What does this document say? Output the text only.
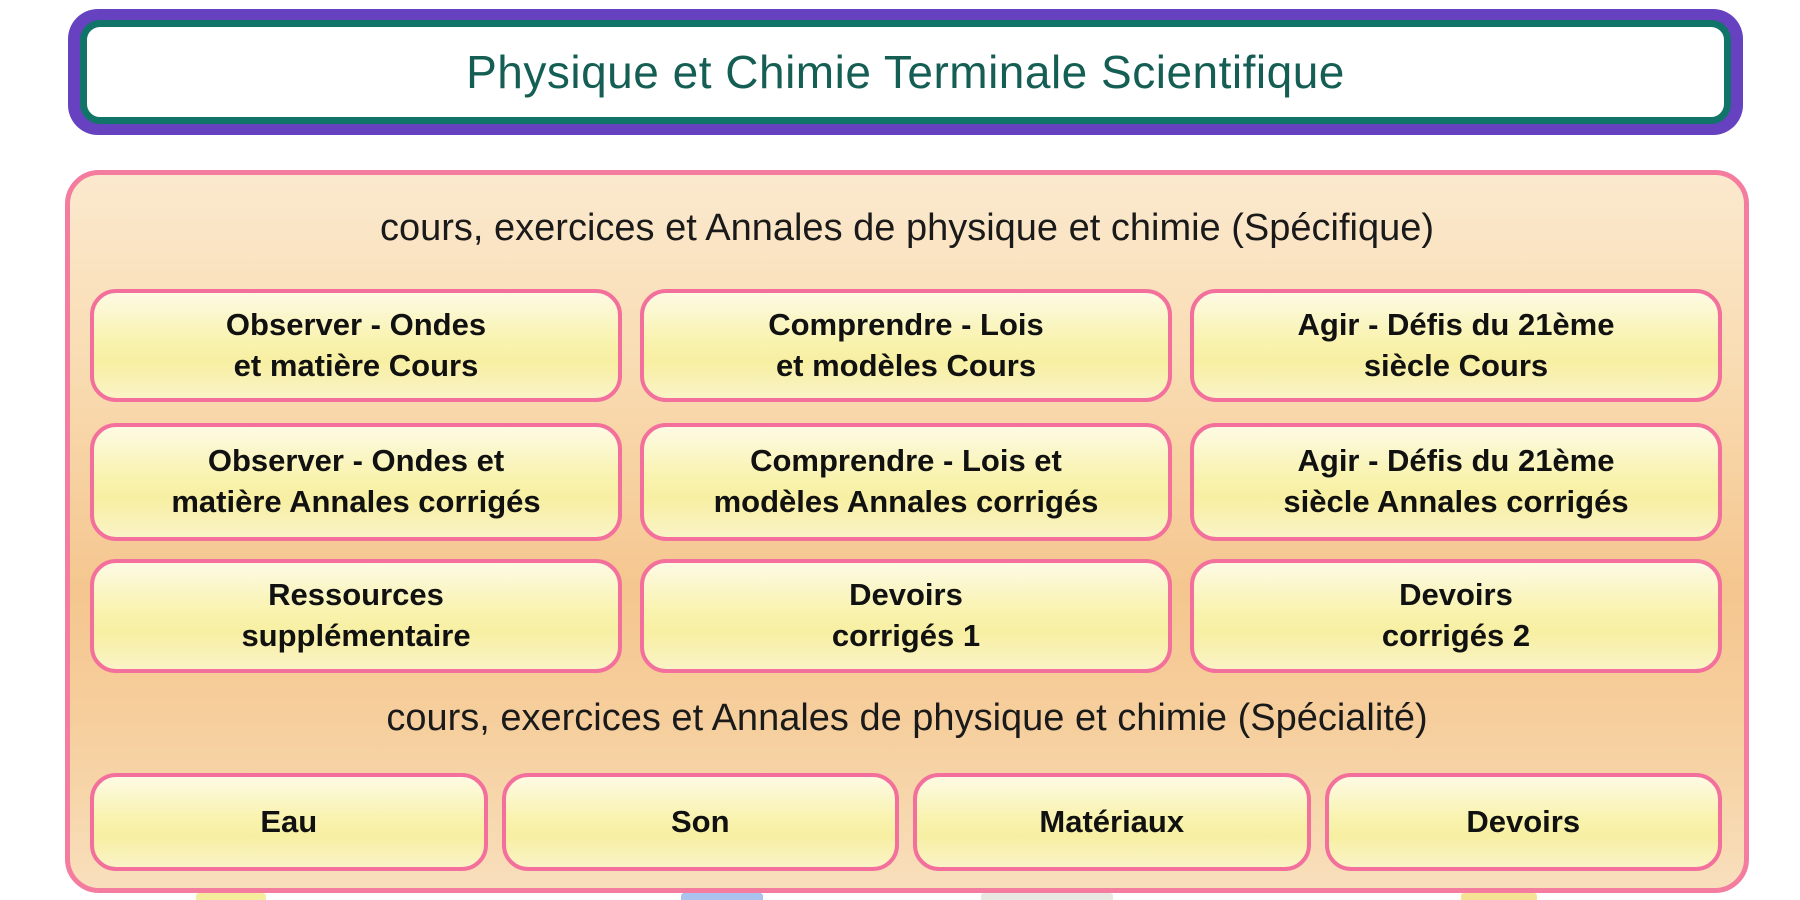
Physique et Chimie Terminale Scientifique
cours, exercices et Annales de physique et chimie (Spécifique)
Observer - Ondes
et matière Cours
Comprendre - Lois
et modèles Cours
Agir - Défis du 21ème
siècle Cours
Observer - Ondes et
matière Annales corrigés
Comprendre - Lois et
modèles Annales corrigés
Agir - Défis du 21ème
siècle Annales corrigés
Ressources
supplémentaire
Devoirs
corrigés 1
Devoirs
corrigés 2
cours, exercices et Annales de physique et chimie (Spécialité)
Eau	Son	Matériaux	Devoirs
